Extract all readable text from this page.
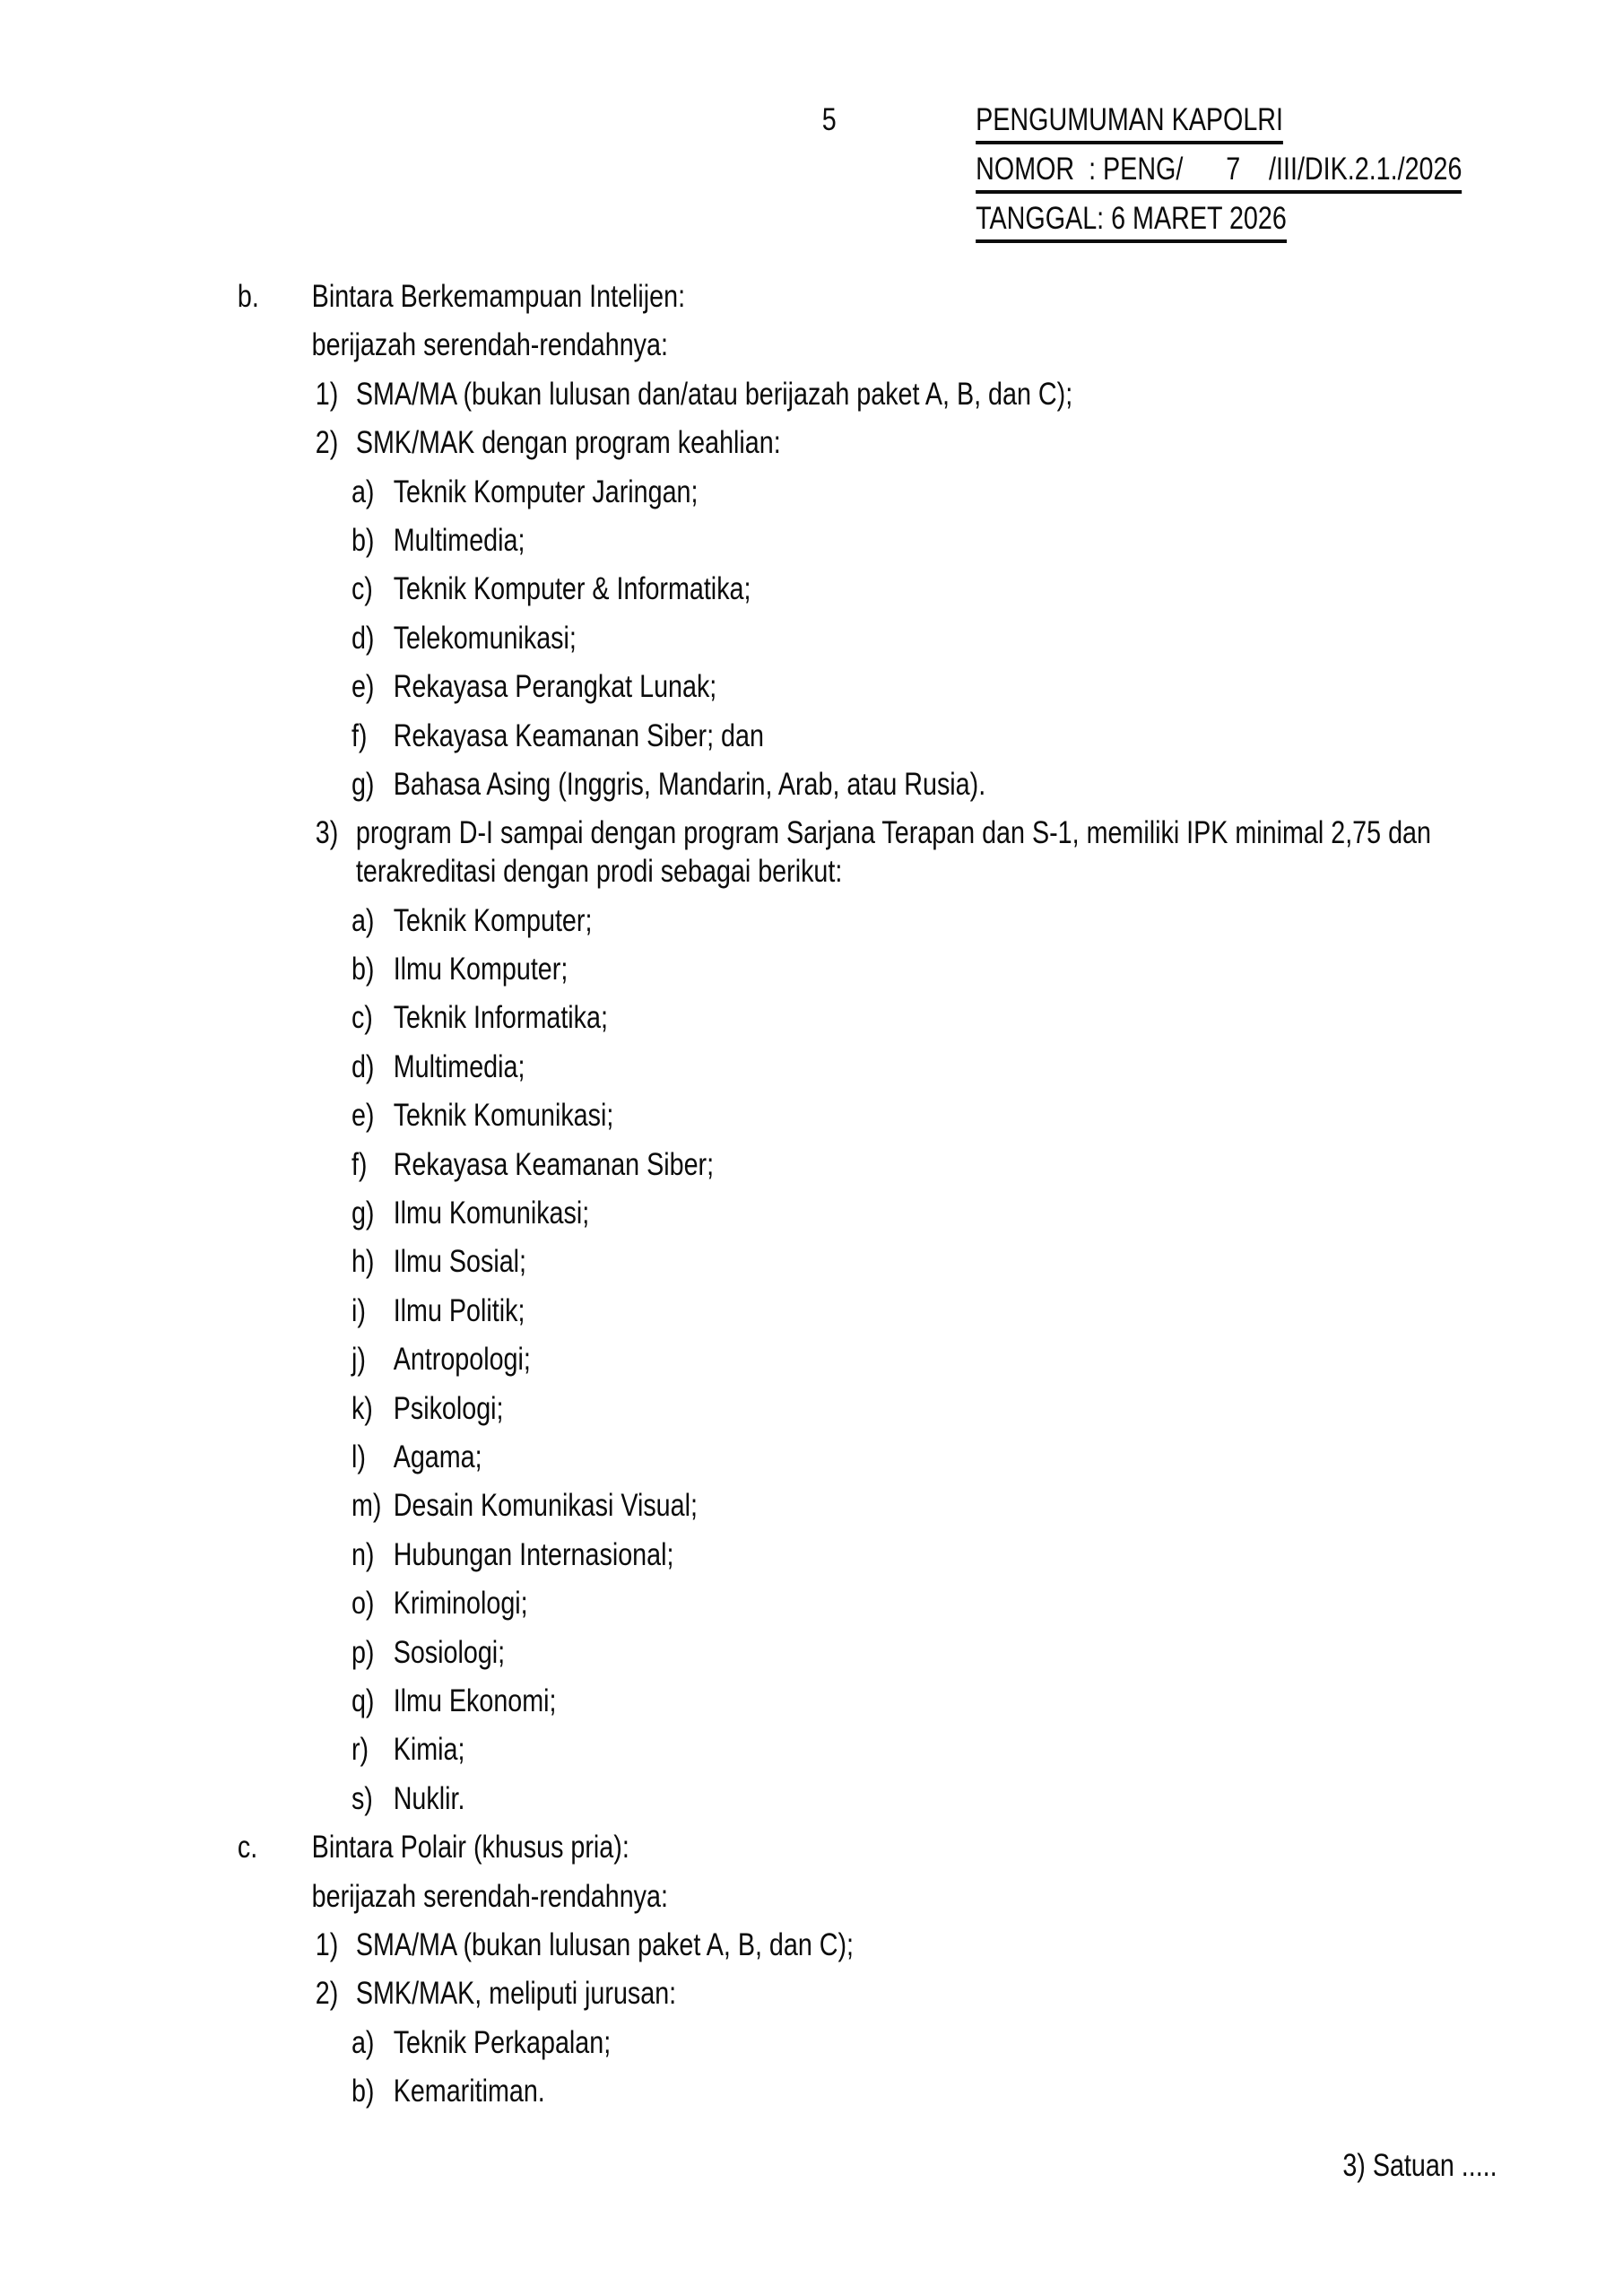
5	PENGUMUMAN KAPOLRI
NOMOR  : PENG/      7    /III/DIK.2.1./2026
TANGGAL: 6 MARET 2026
b. Bintara Berkemampuan Intelijen:
berijazah serendah-rendahnya:
1) SMA/MA (bukan lulusan dan/atau berijazah paket A, B, dan C);
2) SMK/MAK dengan program keahlian:
a) Teknik Komputer Jaringan;
b) Multimedia;
c) Teknik Komputer & Informatika;
d) Telekomunikasi;
e) Rekayasa Perangkat Lunak;
f) Rekayasa Keamanan Siber; dan
g) Bahasa Asing (Inggris, Mandarin, Arab, atau Rusia).
3) program D-I sampai dengan program Sarjana Terapan dan S-1, memiliki IPK minimal 2,75 dan terakreditasi dengan prodi sebagai berikut:
a) Teknik Komputer;
b) Ilmu Komputer;
c) Teknik Informatika;
d) Multimedia;
e) Teknik Komunikasi;
f) Rekayasa Keamanan Siber;
g) Ilmu Komunikasi;
h) Ilmu Sosial;
i) Ilmu Politik;
j) Antropologi;
k) Psikologi;
l) Agama;
m) Desain Komunikasi Visual;
n) Hubungan Internasional;
o) Kriminologi;
p) Sosiologi;
q) Ilmu Ekonomi;
r) Kimia;
s) Nuklir.
c. Bintara Polair (khusus pria):
berijazah serendah-rendahnya:
1) SMA/MA (bukan lulusan paket A, B, dan C);
2) SMK/MAK, meliputi jurusan:
a) Teknik Perkapalan;
b) Kemaritiman.
3) Satuan .....
